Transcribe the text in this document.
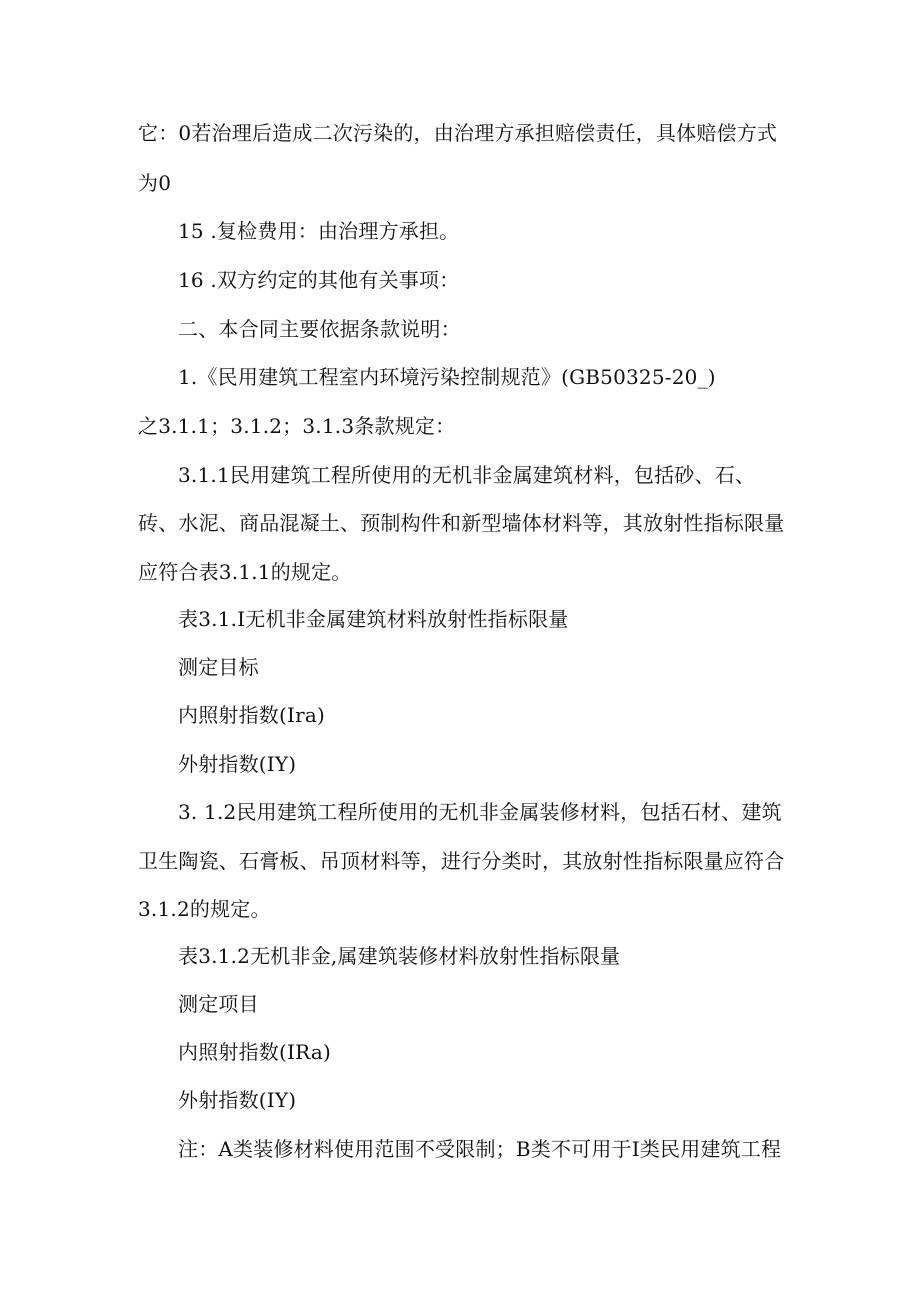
它：0若治理后造成二次污染的，由治理方承担赔偿责任，具体赔偿方式
为0
15 .复检费用：由治理方承担。
16 .双方约定的其他有关事项：
二、本合同主要依据条款说明：
1.《民用建筑工程室内环境污染控制规范》(GB50325-20_)
之3.1.1；3.1.2；3.1.3条款规定：
3.1.1民用建筑工程所使用的无机非金属建筑材料，包括砂、石、
砖、水泥、商品混凝土、预制构件和新型墙体材料等，其放射性指标限量
应符合表3.1.1的规定。
表3.1.I无机非金属建筑材料放射性指标限量
测定目标
内照射指数(Ira)
外射指数(IY)
3. 1.2民用建筑工程所使用的无机非金属装修材料，包括石材、建筑
卫生陶瓷、石膏板、吊顶材料等，进行分类时，其放射性指标限量应符合
3.1.2的规定。
表3.1.2无机非金,属建筑装修材料放射性指标限量
测定项目
内照射指数(IRa)
外射指数(IY)
注：A类装修材料使用范围不受限制；B类不可用于I类民用建筑工程
